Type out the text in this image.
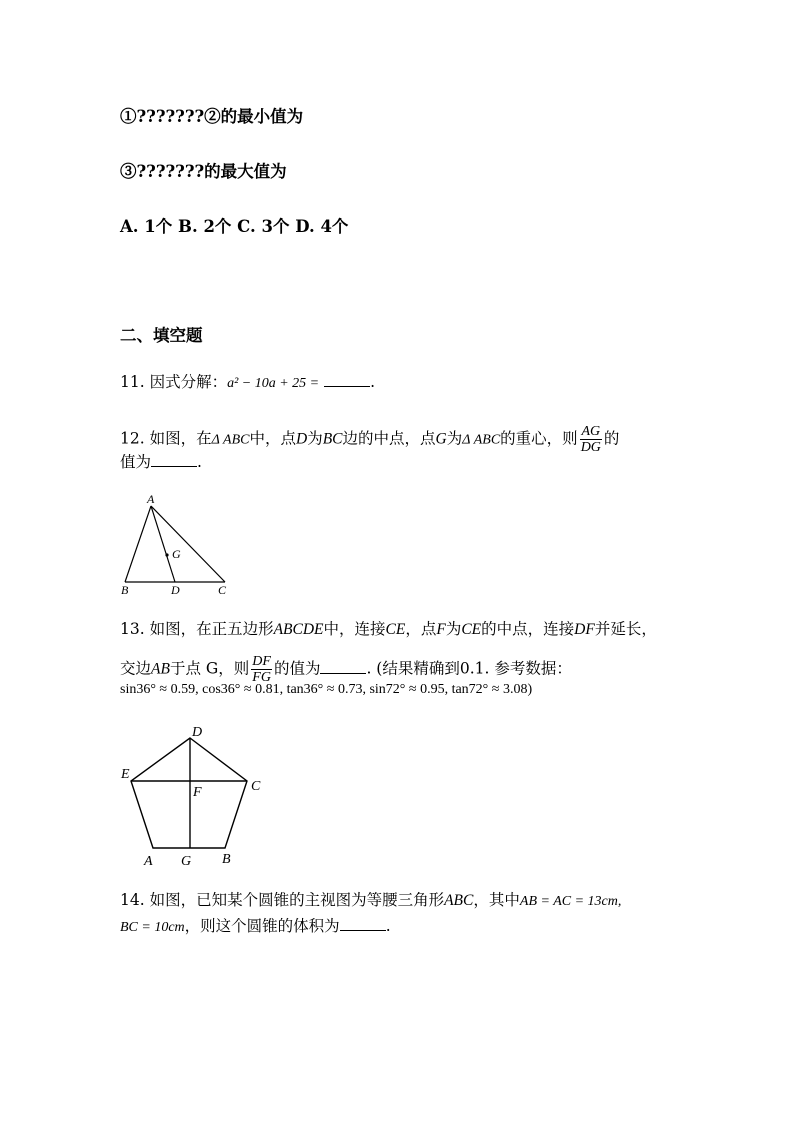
①???????②的最小值为
③???????的最大值为
A. 1个 B. 2个 C. 3个 D. 4个
二、填空题
11. 因式分解：a² − 10a + 25 =	.
12. 如图，在Δ ABC中，点D为BC边的中点，点G为Δ ABC的重心，则 $\frac{AG}{DG}$ 的
值为	.
A
G
B	D	C
13. 如图，在正五边形ABCDE中，连接CE，点F为CE的中点，连接DF并延长，
交边AB于点 G，则 $\frac{DF}{FG}$ 的值为	. (结果精确到0.1. 参考数据：
sin36° ≈ 0.59, cos36° ≈ 0.81, tan36° ≈ 0.73, sin72° ≈ 0.95, tan72° ≈ 3.08)
D
E
C
F
A G B
14. 如图，已知某个圆锥的主视图为等腰三角形ABC，其中AB = AC = 13cm,
BC = 10cm，则这个圆锥的体积为	.
